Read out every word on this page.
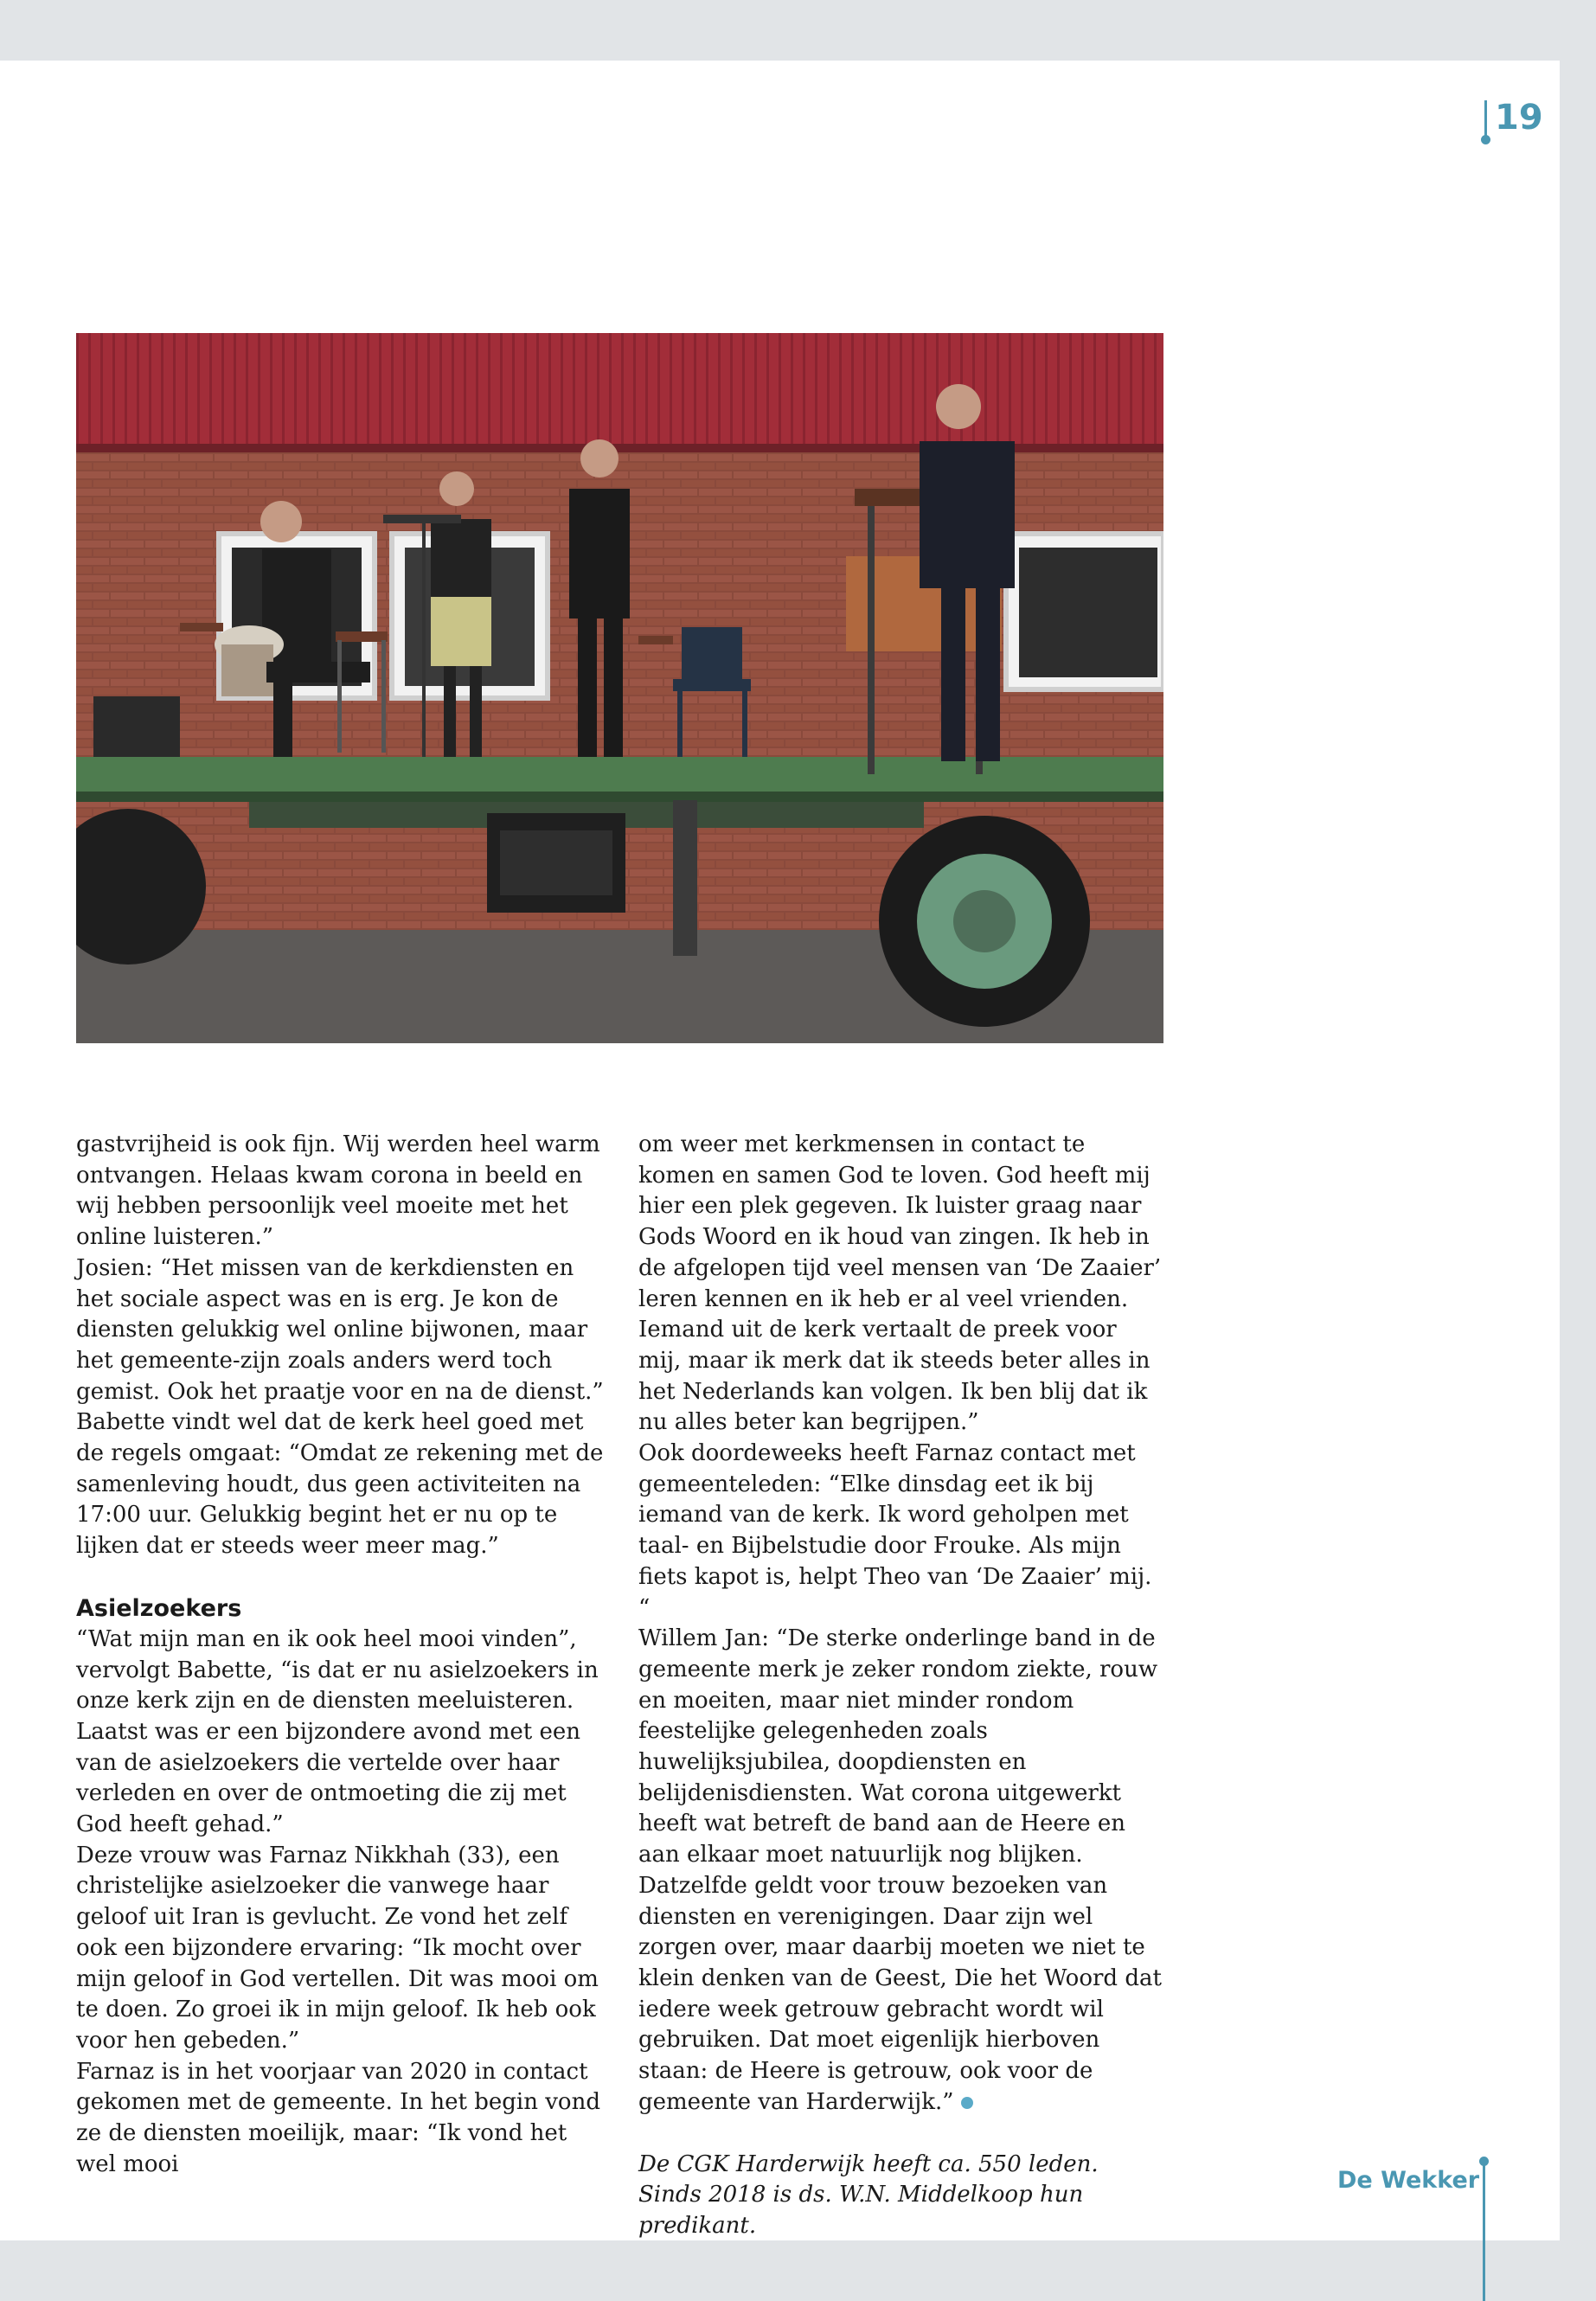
19

gastvrijheid is ook fijn. Wij werden heel warm ontvangen. Helaas kwam corona in beeld en wij hebben persoonlijk veel moeite met het online luisteren.”

Josien: “Het missen van de kerkdiensten en het sociale aspect was en is erg. Je kon de diensten gelukkig wel online bijwonen, maar het gemeente-zijn zoals anders werd toch gemist. Ook het praatje voor en na de dienst.”

Babette vindt wel dat de kerk heel goed met de regels omgaat: “Omdat ze rekening met de samenleving houdt, dus geen activiteiten na 17:00 uur. Gelukkig begint het er nu op te lijken dat er steeds weer meer mag.”

Asielzoekers

“Wat mijn man en ik ook heel mooi vinden”, vervolgt Babette, “is dat er nu asielzoekers in onze kerk zijn en de diensten meeluisteren. Laatst was er een bijzondere avond met een van de asielzoekers die vertelde over haar verleden en over de ontmoeting die zij met God heeft gehad.”

Deze vrouw was Farnaz Nikkhah (33), een christelijke asielzoeker die vanwege haar geloof uit Iran is gevlucht. Ze vond het zelf ook een bijzondere ervaring: “Ik mocht over mijn geloof in God vertellen. Dit was mooi om te doen. Zo groei ik in mijn geloof. Ik heb ook voor hen gebeden.”

Farnaz is in het voorjaar van 2020 in contact gekomen met de gemeente. In het begin vond ze de diensten moeilijk, maar: “Ik vond het wel mooi

om weer met kerkmensen in contact te komen en samen God te loven. God heeft mij hier een plek gegeven. Ik luister graag naar Gods Woord en ik houd van zingen. Ik heb in de afgelopen tijd veel mensen van ‘De Zaaier’ leren kennen en ik heb er al veel vrienden. Iemand uit de kerk vertaalt de preek voor mij, maar ik merk dat ik steeds beter alles in het Nederlands kan volgen. Ik ben blij dat ik nu alles beter kan begrijpen.”

Ook doordeweeks heeft Farnaz contact met gemeenteleden: “Elke dinsdag eet ik bij iemand van de kerk. Ik word geholpen met taal- en Bijbelstudie door Frouke. Als mijn fiets kapot is, helpt Theo van ‘De Zaaier’ mij. “

Willem Jan: “De sterke onderlinge band in de gemeente merk je zeker rondom ziekte, rouw en moeiten, maar niet minder rondom feestelijke gelegenheden zoals huwelijksjubilea, doopdiensten en belijdenisdiensten. Wat corona uitgewerkt heeft wat betreft de band aan de Heere en aan elkaar moet natuurlijk nog blijken. Datzelfde geldt voor trouw bezoeken van diensten en verenigingen. Daar zijn wel zorgen over, maar daarbij moeten we niet te klein denken van de Geest, Die het Woord dat iedere week getrouw gebracht wordt wil gebruiken. Dat moet eigenlijk hierboven staan: de Heere is getrouw, ook voor de gemeente van Harderwijk.”

De CGK Harderwijk heeft ca. 550 leden. Sinds 2018 is ds. W.N. Middelkoop hun predikant.

De Wekker
